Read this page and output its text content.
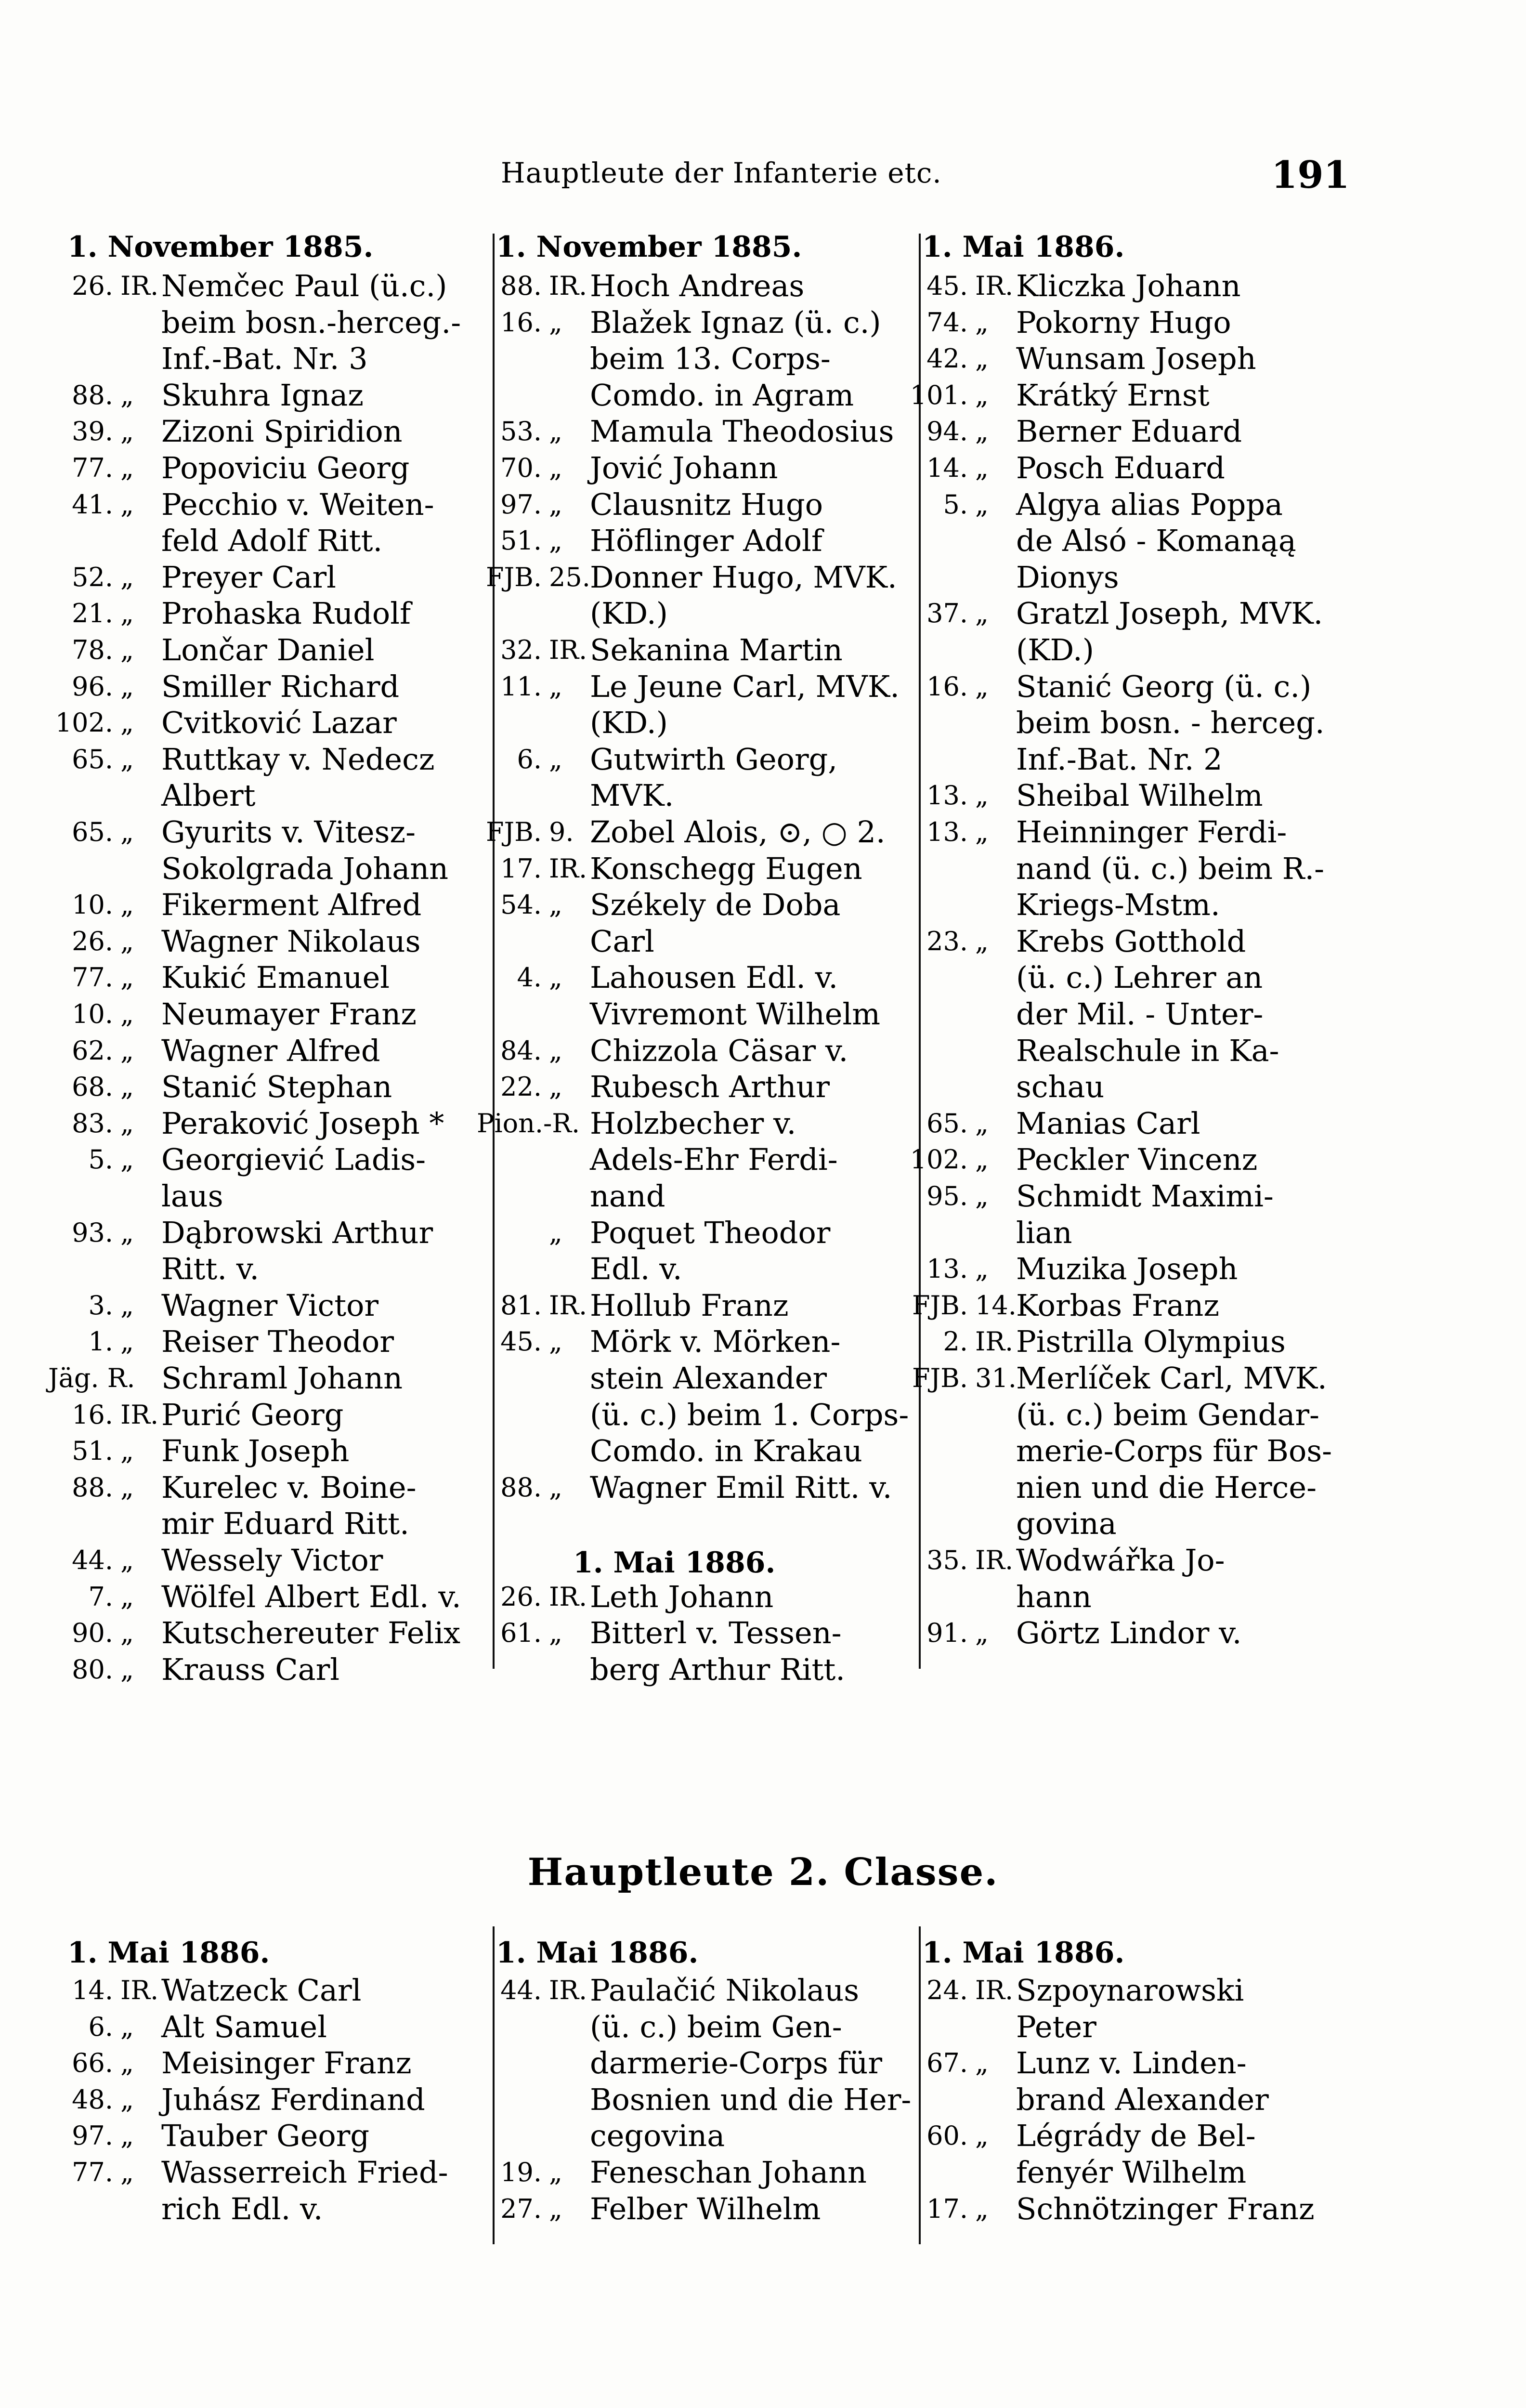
Hauptleute der Infanterie etc.	191
Hauptleute 2. Classe.
1. November 1885.
26. IR. Nemčec Paul (ü.c.)
beim bosn.-herceg.-
Inf.-Bat. Nr. 3
88. „ Skuhra Ignaz
39. „ Zizoni Spiridion
77. „ Popoviciu Georg
41. „ Pecchio v. Weiten-
feld Adolf Ritt.
52. „ Preyer Carl
21. „ Prohaska Rudolf
78. „ Lončar Daniel
96. „ Smiller Richard
102. „ Cvitković Lazar
65. „ Ruttkay v. Nedecz
Albert
65. „ Gyurits v. Vitesz-
Sokolgrada Johann
10. „ Fikerment Alfred
26. „ Wagner Nikolaus
77. „ Kukić Emanuel
10. „ Neumayer Franz
62. „ Wagner Alfred
68. „ Stanić Stephan
83. „ Peraković Joseph *
5. „ Georgiević Ladis-
laus
93. „ Dąbrowski Arthur
Ritt. v.
3. „ Wagner Victor
1. „ Reiser Theodor
Jäg. R. Schraml Johann
16. IR. Purić Georg
51. „ Funk Joseph
88. „ Kurelec v. Boine-
mir Eduard Ritt.
44. „ Wessely Victor
7. „ Wölfel Albert Edl. v.
90. „ Kutschereuter Felix
80. „ Krauss Carl
1. November 1885.
88. IR. Hoch Andreas
16. „ Blažek Ignaz (ü. c.)
beim 13. Corps-
Comdo. in Agram
53. „ Mamula Theodosius
70. „ Jović Johann
97. „ Clausnitz Hugo
51. „ Höflinger Adolf
FJB. 25. Donner Hugo, MVK.
(KD.)
32. IR. Sekanina Martin
11. „ Le Jeune Carl, MVK.
(KD.)
6. „ Gutwirth Georg,
MVK.
FJB. 9. Zobel Alois, ⊙, ○ 2.
17. IR. Konschegg Eugen
54. „ Székely de Doba
Carl
4. „ Lahousen Edl. v.
Vivremont Wilhelm
84. „ Chizzola Cäsar v.
22. „ Rubesch Arthur
Pion.-R. Holzbecher v.
Adels-Ehr Ferdi-
nand
„ Poquet Theodor
Edl. v.
81. IR. Hollub Franz
45. „ Mörk v. Mörken-
stein Alexander
(ü. c.) beim 1. Corps-
Comdo. in Krakau
88. „ Wagner Emil Ritt. v.
1. Mai 1886.
26. IR. Leth Johann
61. „ Bitterl v. Tessen-
berg Arthur Ritt.
1. Mai 1886.
45. IR. Kliczka Johann
74. „ Pokorny Hugo
42. „ Wunsam Joseph
101. „ Krátký Ernst
94. „ Berner Eduard
14. „ Posch Eduard
5. „ Algya alias Poppa
de Alsó - Komanąą
Dionys
37. „ Gratzl Joseph, MVK.
(KD.)
16. „ Stanić Georg (ü. c.)
beim bosn. - herceg.
Inf.-Bat. Nr. 2
13. „ Sheibal Wilhelm
13. „ Heinninger Ferdi-
nand (ü. c.) beim R.-
Kriegs-Mstm.
23. „ Krebs Gotthold
(ü. c.) Lehrer an
der Mil. - Unter-
Realschule in Ka-
schau
65. „ Manias Carl
102. „ Peckler Vincenz
95. „ Schmidt Maximi-
lian
13. „ Muzika Joseph
FJB. 14. Korbas Franz
2. IR. Pistrilla Olympius
FJB. 31. Merlíček Carl, MVK.
(ü. c.) beim Gendar-
merie-Corps für Bos-
nien und die Herce-
govina
35. IR. Wodwářka Jo-
hann
91. „ Görtz Lindor v.
1. Mai 1886.
14. IR. Watzeck Carl
6. „ Alt Samuel
66. „ Meisinger Franz
48. „ Juhász Ferdinand
97. „ Tauber Georg
77. „ Wasserreich Fried-
rich Edl. v.
1. Mai 1886.
44. IR. Paulačić Nikolaus
(ü. c.) beim Gen-
darmerie-Corps für
Bosnien und die Her-
cegovina
19. „ Feneschan Johann
27. „ Felber Wilhelm
1. Mai 1886.
24. IR. Szpoynarowski
Peter
67. „ Lunz v. Linden-
brand Alexander
60. „ Légrády de Bel-
fenyér Wilhelm
17. „ Schnötzinger Franz
